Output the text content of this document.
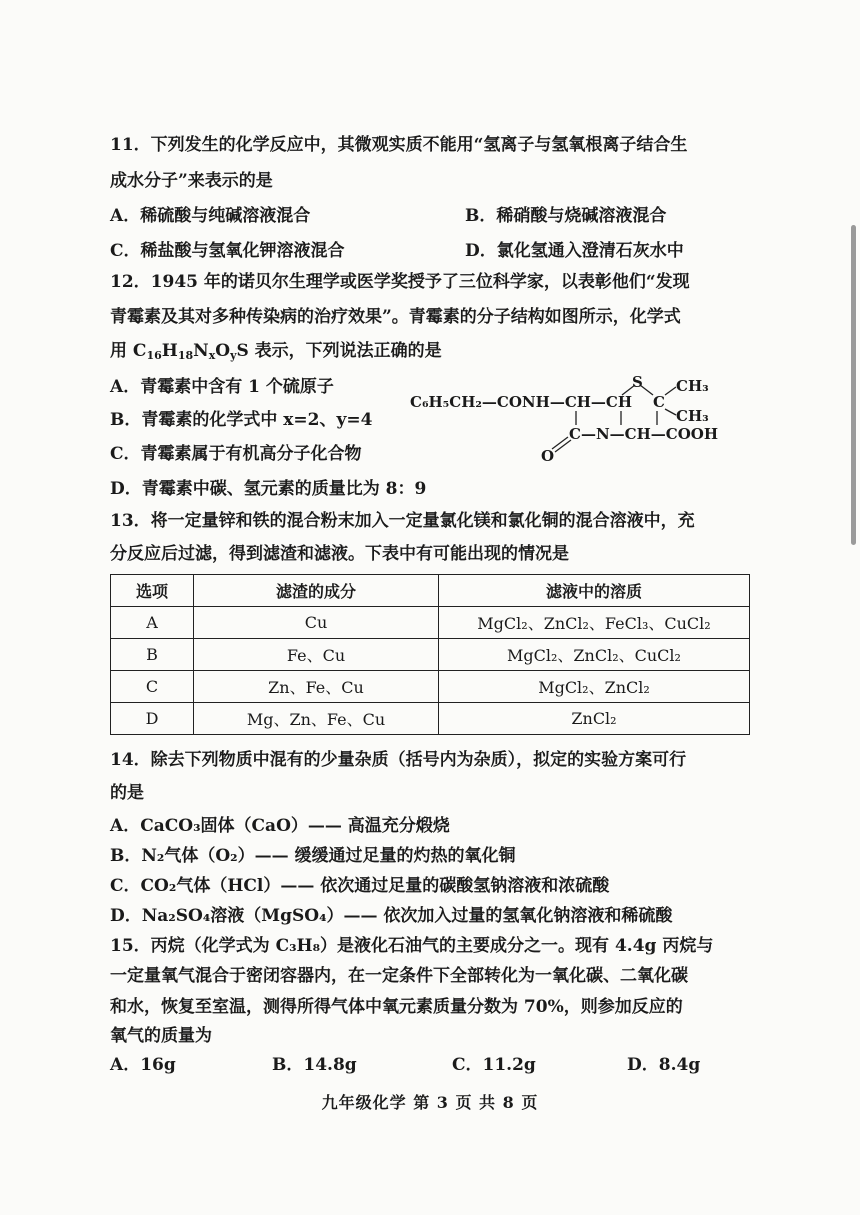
11．下列发生的化学反应中，其微观实质不能用“氢离子与氢氧根离子结合生
成水分子”来表示的是
A．稀硫酸与纯碱溶液混合	B．稀硝酸与烧碱溶液混合
C．稀盐酸与氢氧化钾溶液混合	D．氯化氢通入澄清石灰水中
12．1945 年的诺贝尔生理学或医学奖授予了三位科学家，以表彰他们“发现
青霉素及其对多种传染病的治疗效果”。青霉素的分子结构如图所示，化学式
用 $C_{16}H_{18}N_xO_yS$ 表示，下列说法正确的是
A．青霉素中含有 1 个硫原子
B．青霉素的化学式中 x=2、y=4
C．青霉素属于有机高分子化合物
D．青霉素中碳、氢元素的质量比为 8：9
C₆H₅CH₂—CONH—CH—CH
S
C
CH₃
CH₃
C—N—CH—COOH
O
13．将一定量锌和铁的混合粉末加入一定量氯化镁和氯化铜的混合溶液中，充
分反应后过滤，得到滤渣和滤液。下表中有可能出现的情况是
选项	滤渣的成分	滤液中的溶质
A	Cu	MgCl₂、ZnCl₂、FeCl₃、CuCl₂
B	Fe、Cu	MgCl₂、ZnCl₂、CuCl₂
C	Zn、Fe、Cu	MgCl₂、ZnCl₂
D	Mg、Zn、Fe、Cu	ZnCl₂
14．除去下列物质中混有的少量杂质（括号内为杂质），拟定的实验方案可行
的是
A．CaCO₃固体（CaO）—— 高温充分煅烧
B．N₂气体（O₂）—— 缓缓通过足量的灼热的氧化铜
C．CO₂气体（HCl）—— 依次通过足量的碳酸氢钠溶液和浓硫酸
D．Na₂SO₄溶液（MgSO₄）—— 依次加入过量的氢氧化钠溶液和稀硫酸
15．丙烷（化学式为 C₃H₈）是液化石油气的主要成分之一。现有 4.4g 丙烷与
一定量氧气混合于密闭容器内，在一定条件下全部转化为一氧化碳、二氧化碳
和水，恢复至室温，测得所得气体中氧元素质量分数为 70%，则参加反应的
氧气的质量为
A．16g	B．14.8g	C．11.2g	D．8.4g
九年级化学 第 3 页 共 8 页
